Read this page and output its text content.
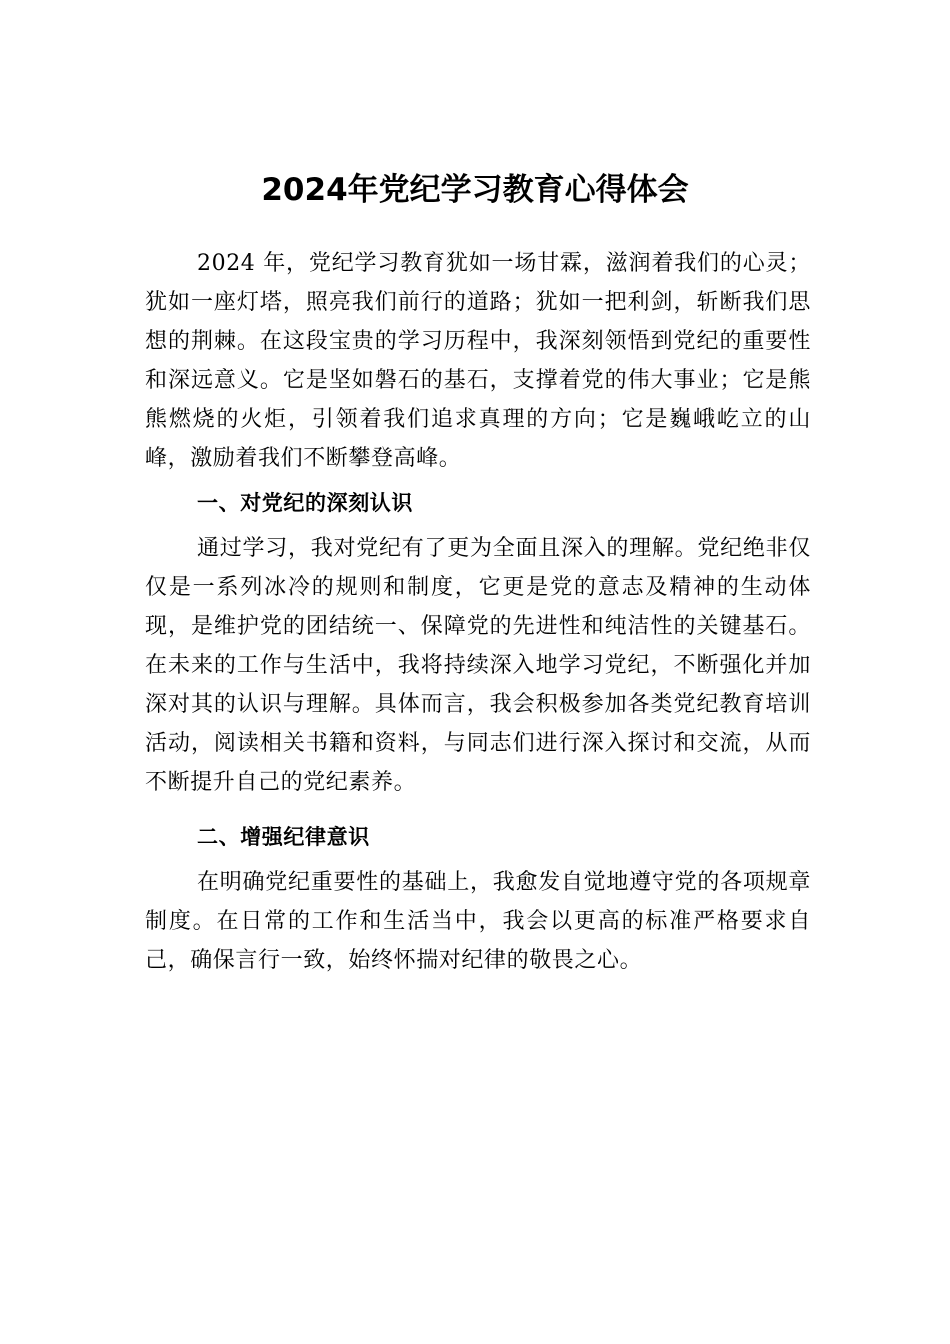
2024年党纪学习教育心得体会

2024 年，党纪学习教育犹如一场甘霖，滋润着我们的心灵；犹如一座灯塔，照亮我们前行的道路；犹如一把利剑，斩断我们思想的荆棘。在这段宝贵的学习历程中，我深刻领悟到党纪的重要性和深远意义。它是坚如磐石的基石，支撑着党的伟大事业；它是熊熊燃烧的火炬，引领着我们追求真理的方向；它是巍峨屹立的山峰，激励着我们不断攀登高峰。

一、对党纪的深刻认识

通过学习，我对党纪有了更为全面且深入的理解。党纪绝非仅仅是一系列冰冷的规则和制度，它更是党的意志及精神的生动体现，是维护党的团结统一、保障党的先进性和纯洁性的关键基石。在未来的工作与生活中，我将持续深入地学习党纪，不断强化并加深对其的认识与理解。具体而言，我会积极参加各类党纪教育培训活动，阅读相关书籍和资料，与同志们进行深入探讨和交流，从而不断提升自己的党纪素养。

二、增强纪律意识

在明确党纪重要性的基础上，我愈发自觉地遵守党的各项规章制度。在日常的工作和生活当中，我会以更高的标准严格要求自己，确保言行一致，始终怀揣对纪律的敬畏之心。
